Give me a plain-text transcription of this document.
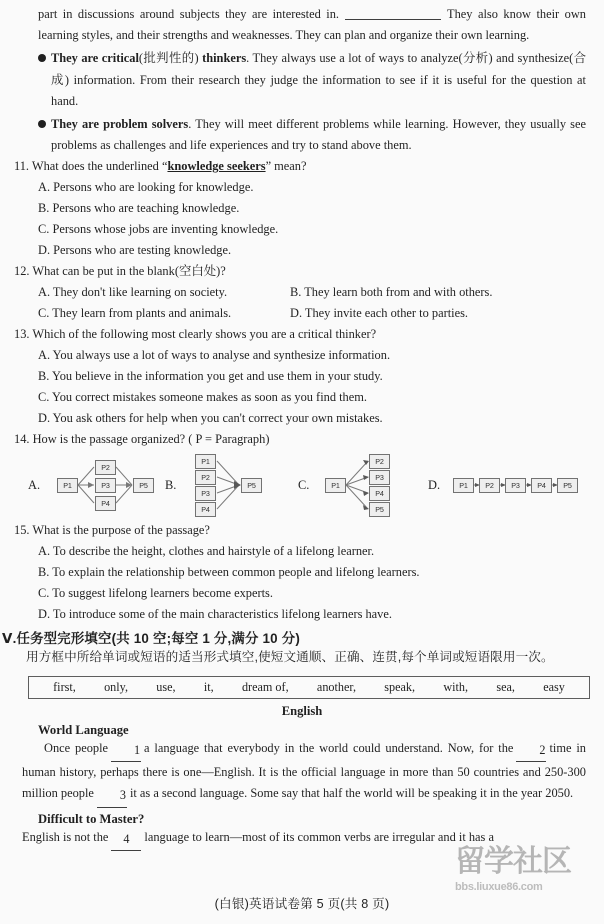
part in discussions around subjects they are interested in.	They also know their own learning styles, and their strengths and weaknesses. They can plan and organize their own learning.

They are critical(批判性的) thinkers. They always use a lot of ways to analyze(分析) and synthesize(合成) information. From their research they judge the information to see if it is useful for the question at hand.

They are problem solvers. They will meet different problems while learning. However, they usually see problems as challenges and life experiences and try to stand above them.

11. What does the underlined “knowledge seekers” mean?
A. Persons who are looking for knowledge.
B. Persons who are teaching knowledge.
C. Persons whose jobs are inventing knowledge.
D. Persons who are testing knowledge.
12. What can be put in the blank(空白处)?
A. They don't like learning on society.	B. They learn both from and with others.
C. They learn from plants and animals.	D. They invite each other to parties.
13. Which of the following most clearly shows you are a critical thinker?
A. You always use a lot of ways to analyse and synthesize information.
B. You believe in the information you get and use them in your study.
C. You correct mistakes someone makes as soon as you find them.
D. You ask others for help when you can't correct your own mistakes.
14. How is the passage organized? ( P = Paragraph)
A.	P1
P2
P3
P4
P5	B.
P1
P2
P3
P4
P5	C.	P1
P2
P3
P4
P5
D.	P1	P2	P3	P4	P5
15. What is the purpose of the passage?
A. To describe the height, clothes and hairstyle of a lifelong learner.
B. To explain the relationship between common people and lifelong learners.
C. To suggest lifelong learners become experts.
D. To introduce some of the main characteristics lifelong learners have.
Ⅴ.任务型完形填空(共 10 空;每空 1 分,满分 10 分)
用方框中所给单词或短语的适当形式填空,使短文通顺、正确、连贯,每个单词或短语限用一次。
first, only, use, it, dream of, another, speak, with, sea, easy
English
World Language

Once people 1 a language that everybody in the world could understand. Now, for the 2 time in human history, perhaps there is one—English. It is the official language in more than 50 countries and 250-300 million people 3 it as a second language. Some say that half the world will be speaking it in the year 2050.

Difficult to Master?

English is not the 4 language to learn—most of its common verbs are irregular and it has a

留学社区
bbs.liuxue86.com
(白银)英语试卷第 5 页(共 8 页)
